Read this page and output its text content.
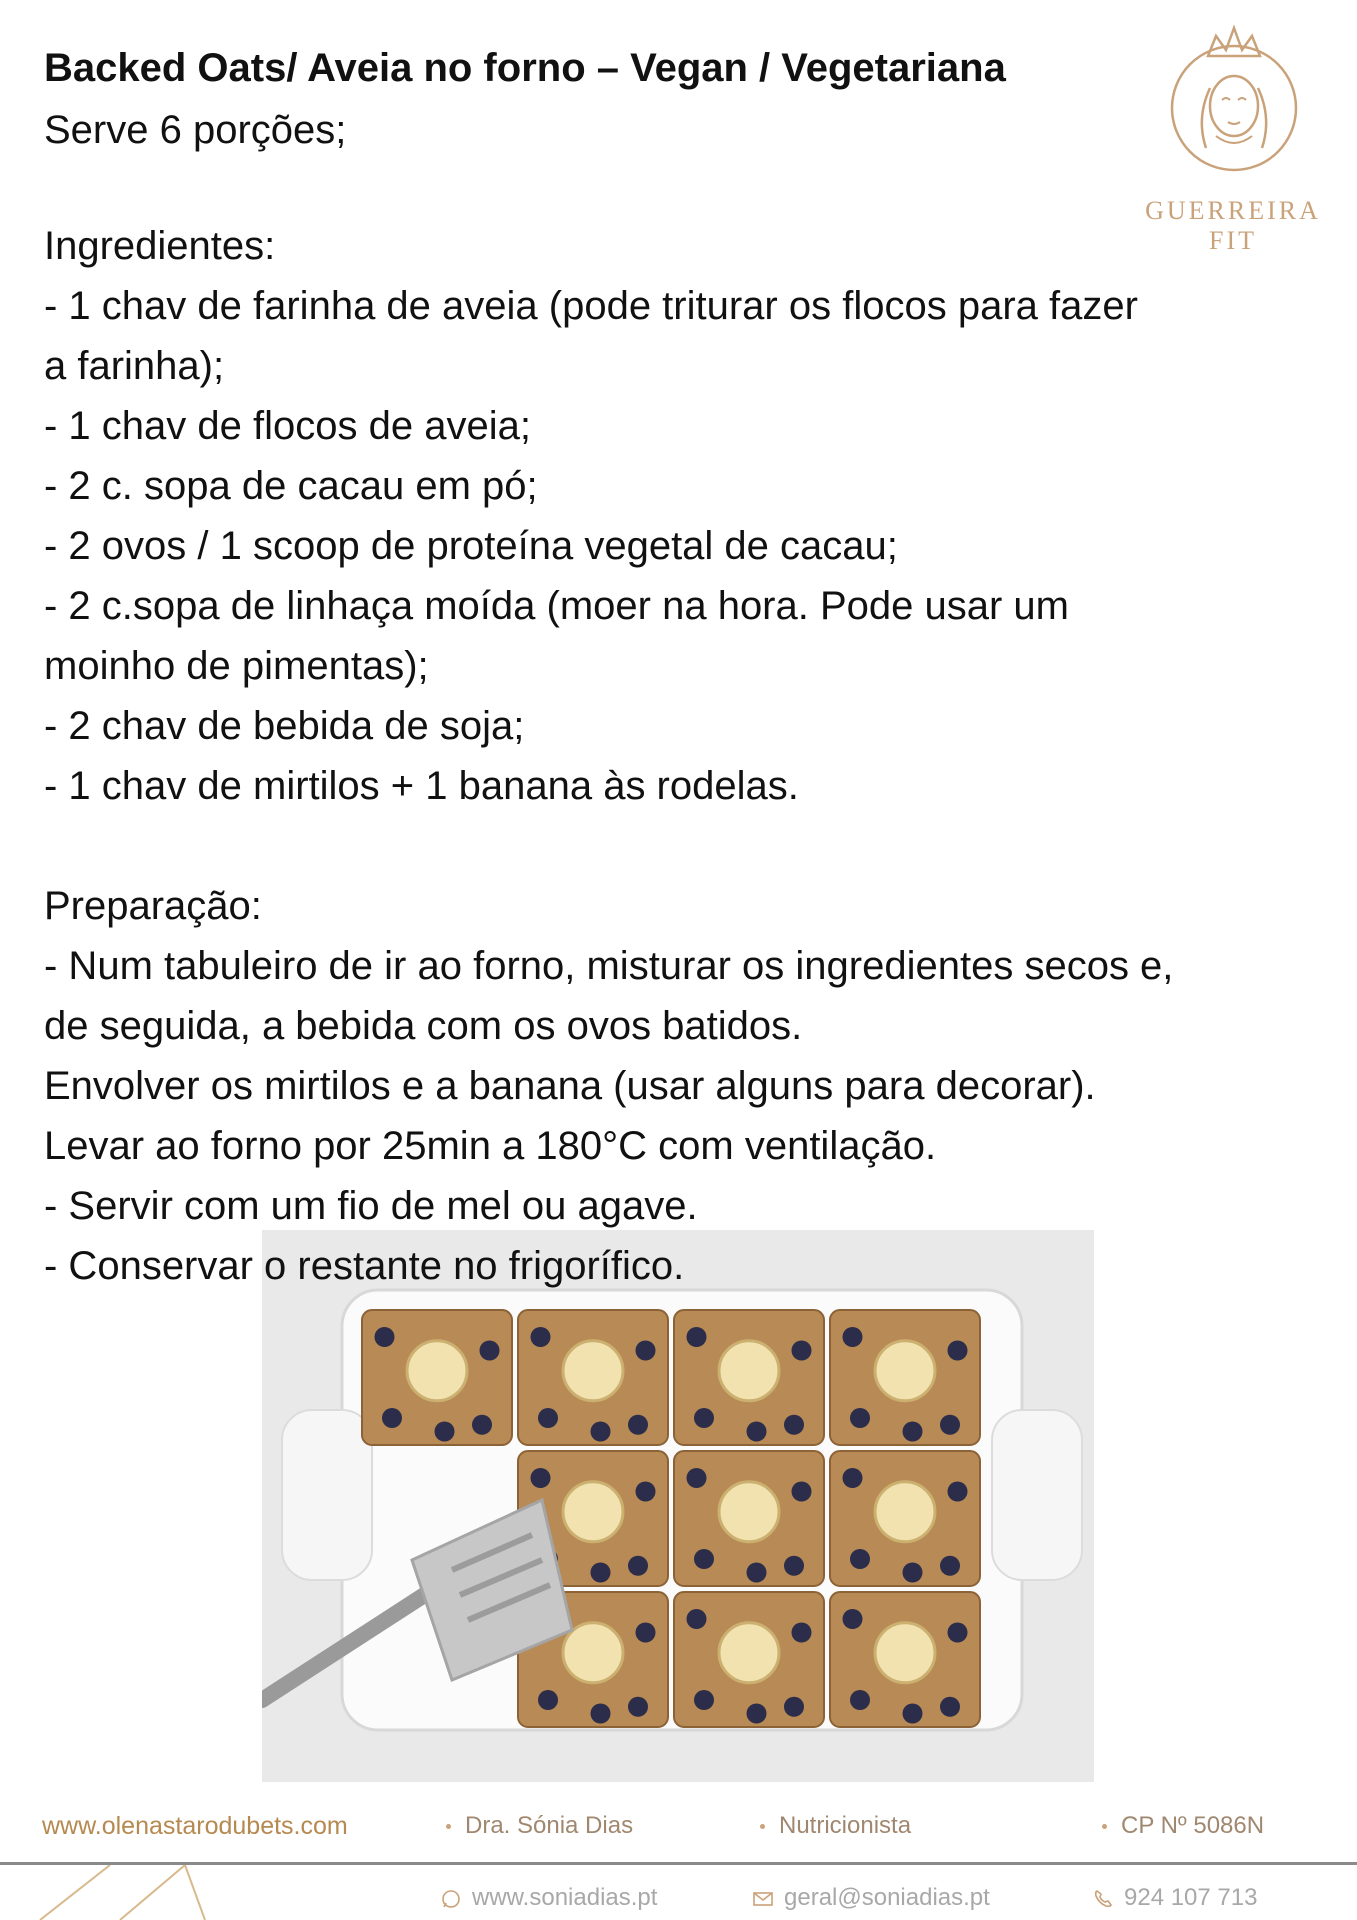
Backed Oats/ Aveia no forno – Vegan / Vegetariana
Serve 6 porções;
Ingredientes:
- 1 chav de farinha de aveia (pode triturar os flocos para fazer
a farinha);
- 1 chav de flocos de aveia;
- 2 c. sopa de cacau em pó;
- 2 ovos / 1 scoop de proteína vegetal de cacau;
- 2 c.sopa de linhaça moída (moer na hora. Pode usar um
moinho de pimentas);
- 2 chav de bebida de soja;
- 1 chav de mirtilos + 1 banana às rodelas.
Preparação:
- Num tabuleiro de ir ao forno, misturar os ingredientes secos e,
de seguida, a bebida com os ovos batidos.
Envolver os mirtilos e a banana (usar alguns para decorar).
Levar ao forno por 25min a 180°C com ventilação.
- Servir com um fio de mel ou agave.
GUERREIRA FIT
- Conservar o restante no frigorífico.
www.olenastarodubets.com	Dra. Sónia Dias	Nutricionista	CP Nº 5086N
www.soniadias.pt	geral@soniadias.pt	924 107 713
